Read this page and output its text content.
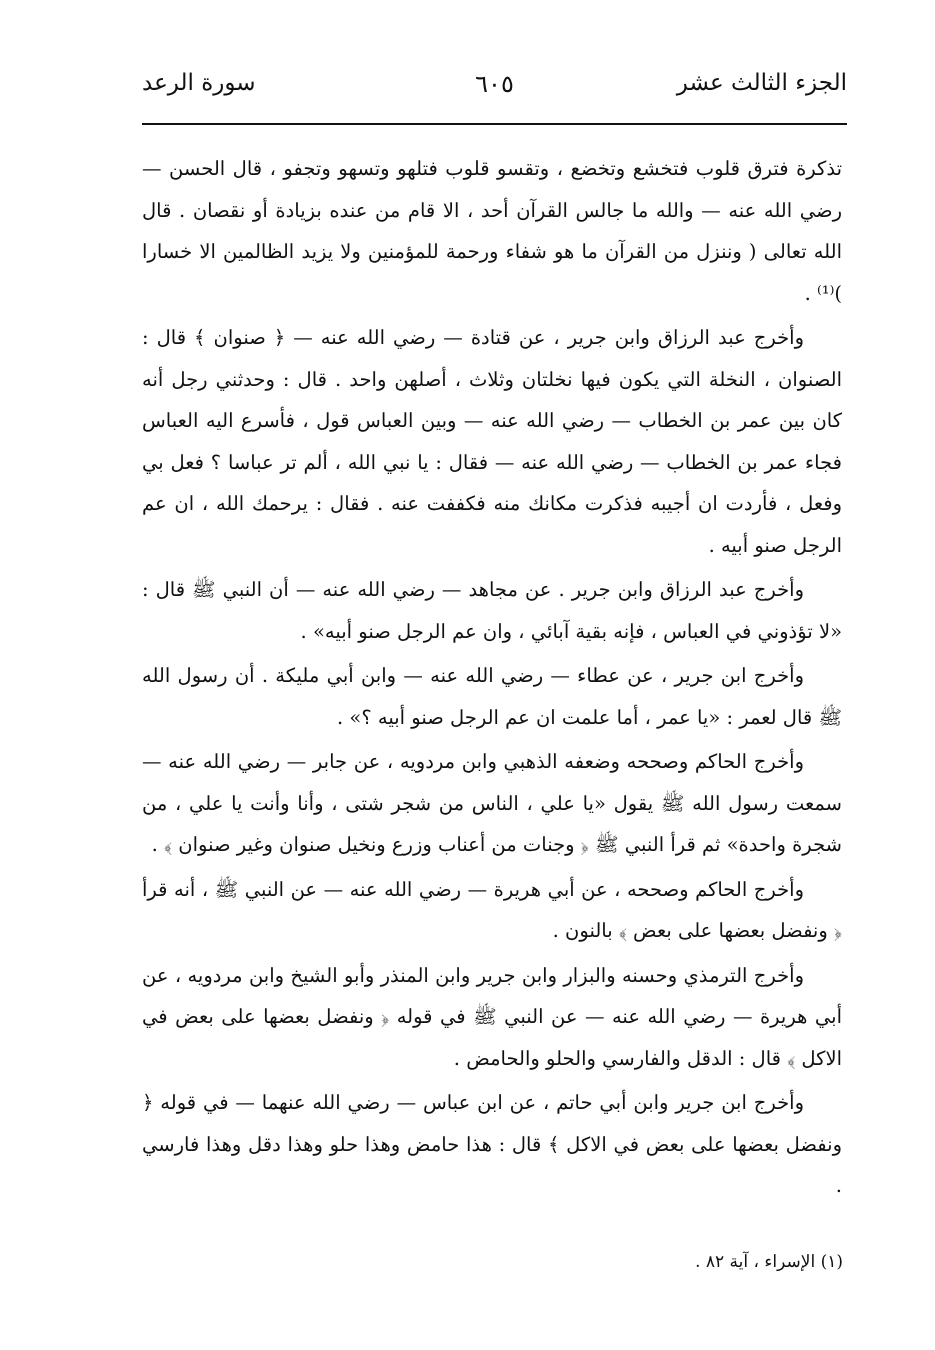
الجزء الثالث عشر
٦٠٥
سورة الرعد

تذكرة فترق قلوب فتخشع وتخضع ، وتقسو قلوب فتلهو وتسهو وتجفو ، قال الحسن — رضي الله عنه — والله ما جالس القرآن أحد ، الا قام من عنده بزيادة أو نقصان . قال الله تعالى ( وننزل من القرآن ما هو شفاء ورحمة للمؤمنين ولا يزيد الظالمين الا خسارا )⁽¹⁾ .

وأخرج عبد الرزاق وابن جرير ، عن قتادة — رضي الله عنه — ﴿ صنوان ﴾ قال : الصنوان ، النخلة التي يكون فيها نخلتان وثلاث ، أصلهن واحد . قال : وحدثني رجل أنه كان بين عمر بن الخطاب — رضي الله عنه — وبين العباس قول ، فأسرع اليه العباس فجاء عمر بن الخطاب — رضي الله عنه — فقال : يا نبي الله ، ألم تر عباسا ؟ فعل بي وفعل ، فأردت ان أجيبه فذكرت مكانك منه فكففت عنه . فقال : يرحمك الله ، ان عم الرجل صنو أبيه .

وأخرج عبد الرزاق وابن جرير . عن مجاهد — رضي الله عنه — أن النبي ﷺ قال : «لا تؤذوني في العباس ، فإنه بقية آبائي ، وان عم الرجل صنو أبيه» .

وأخرج ابن جرير ، عن عطاء — رضي الله عنه — وابن أبي مليكة . أن رسول الله ﷺ قال لعمر : «يا عمر ، أما علمت ان عم الرجل صنو أبيه ؟» .

وأخرج الحاكم وصححه وضعفه الذهبي وابن مردويه ، عن جابر — رضي الله عنه — سمعت رسول الله ﷺ يقول «يا علي ، الناس من شجر شتى ، وأنا وأنت يا علي ، من شجرة واحدة» ثم قرأ النبي ﷺ ﴿ وجنات من أعناب وزرع ونخيل صنوان وغير صنوان ﴾ .

وأخرج الحاكم وصححه ، عن أبي هريرة — رضي الله عنه — عن النبي ﷺ ، أنه قرأ ﴿ ونفضل بعضها على بعض ﴾ بالنون .

وأخرج الترمذي وحسنه والبزار وابن جرير وابن المنذر وأبو الشيخ وابن مردويه ، عن أبي هريرة — رضي الله عنه — عن النبي ﷺ في قوله ﴿ ونفضل بعضها على بعض في الاكل ﴾ قال : الدقل والفارسي والحلو والحامض .

وأخرج ابن جرير وابن أبي حاتم ، عن ابن عباس — رضي الله عنهما — في قوله ﴿ ونفضل بعضها على بعض في الاكل ﴾ قال : هذا حامض وهذا حلو وهذا دقل وهذا فارسي .

(١) الإسراء ، آية ٨٢ .
